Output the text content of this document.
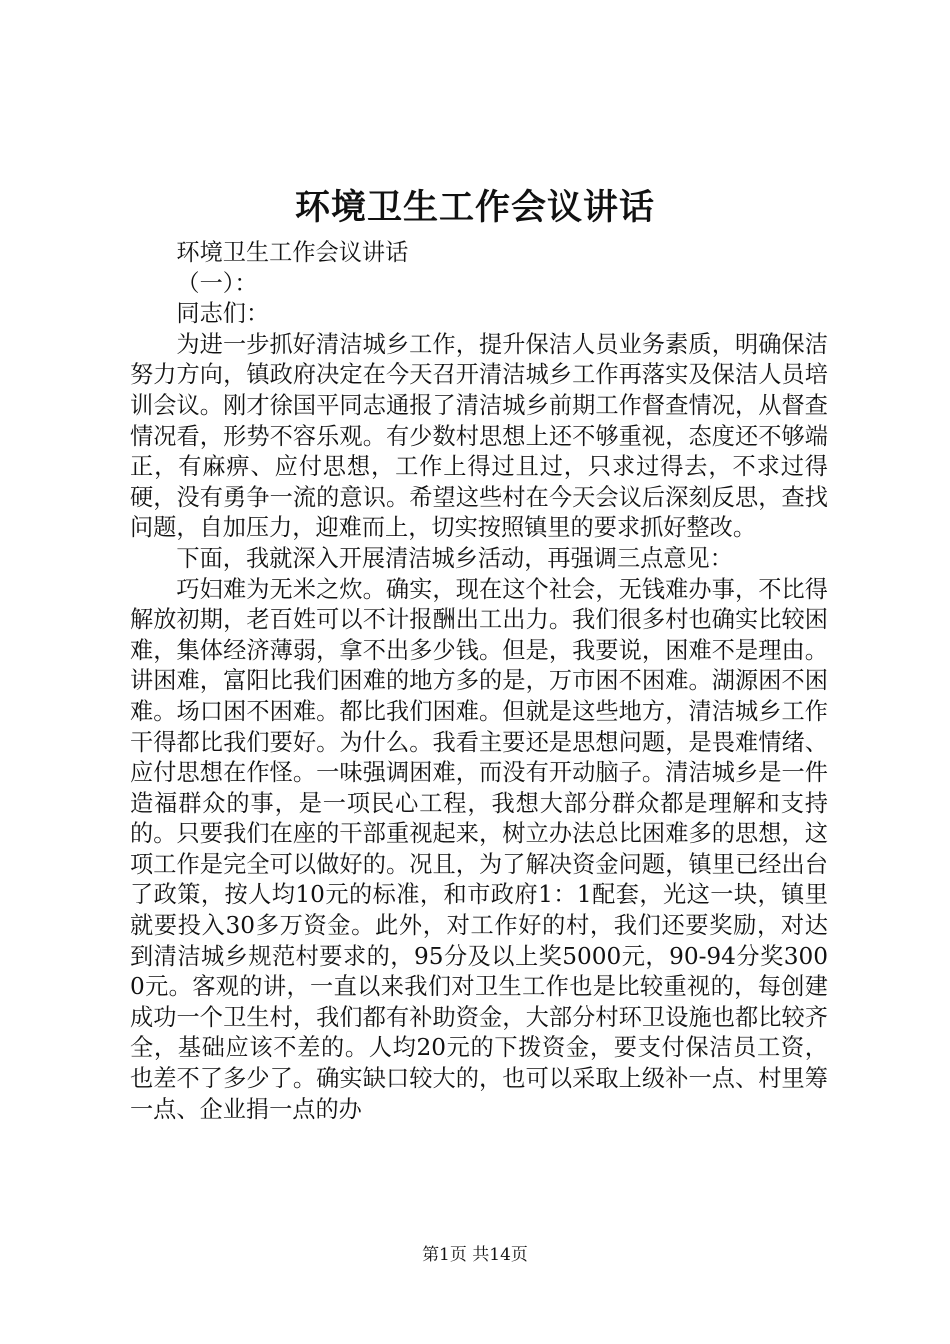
环境卫生工作会议讲话

环境卫生工作会议讲话

（一）：

同志们：

为进一步抓好清洁城乡工作，提升保洁人员业务素质，明确保洁努力方向，镇政府决定在今天召开清洁城乡工作再落实及保洁人员培训会议。刚才徐国平同志通报了清洁城乡前期工作督查情况，从督查情况看，形势不容乐观。有少数村思想上还不够重视，态度还不够端正，有麻痹、应付思想，工作上得过且过，只求过得去，不求过得硬，没有勇争一流的意识。希望这些村在今天会议后深刻反思，查找问题，自加压力，迎难而上，切实按照镇里的要求抓好整改。

下面，我就深入开展清洁城乡活动，再强调三点意见：

巧妇难为无米之炊。确实，现在这个社会，无钱难办事，不比得解放初期，老百姓可以不计报酬出工出力。我们很多村也确实比较困难，集体经济薄弱，拿不出多少钱。但是，我要说，困难不是理由。讲困难，富阳比我们困难的地方多的是，万市困不困难。湖源困不困难。场口困不困难。都比我们困难。但就是这些地方，清洁城乡工作干得都比我们要好。为什么。我看主要还是思想问题，是畏难情绪、应付思想在作怪。一味强调困难，而没有开动脑子。清洁城乡是一件造福群众的事，是一项民心工程，我想大部分群众都是理解和支持的。只要我们在座的干部重视起来，树立办法总比困难多的思想，这项工作是完全可以做好的。况且，为了解决资金问题，镇里已经出台了政策，按人均10元的标准，和市政府1：1配套，光这一块，镇里就要投入30多万资金。此外，对工作好的村，我们还要奖励，对达到清洁城乡规范村要求的，95分及以上奖5000元，90-94分奖3000元。客观的讲，一直以来我们对卫生工作也是比较重视的，每创建成功一个卫生村，我们都有补助资金，大部分村环卫设施也都比较齐全，基础应该不差的。人均20元的下拨资金，要支付保洁员工资，也差不了多少了。确实缺口较大的，也可以采取上级补一点、村里筹一点、企业捐一点的办

第1页 共14页
